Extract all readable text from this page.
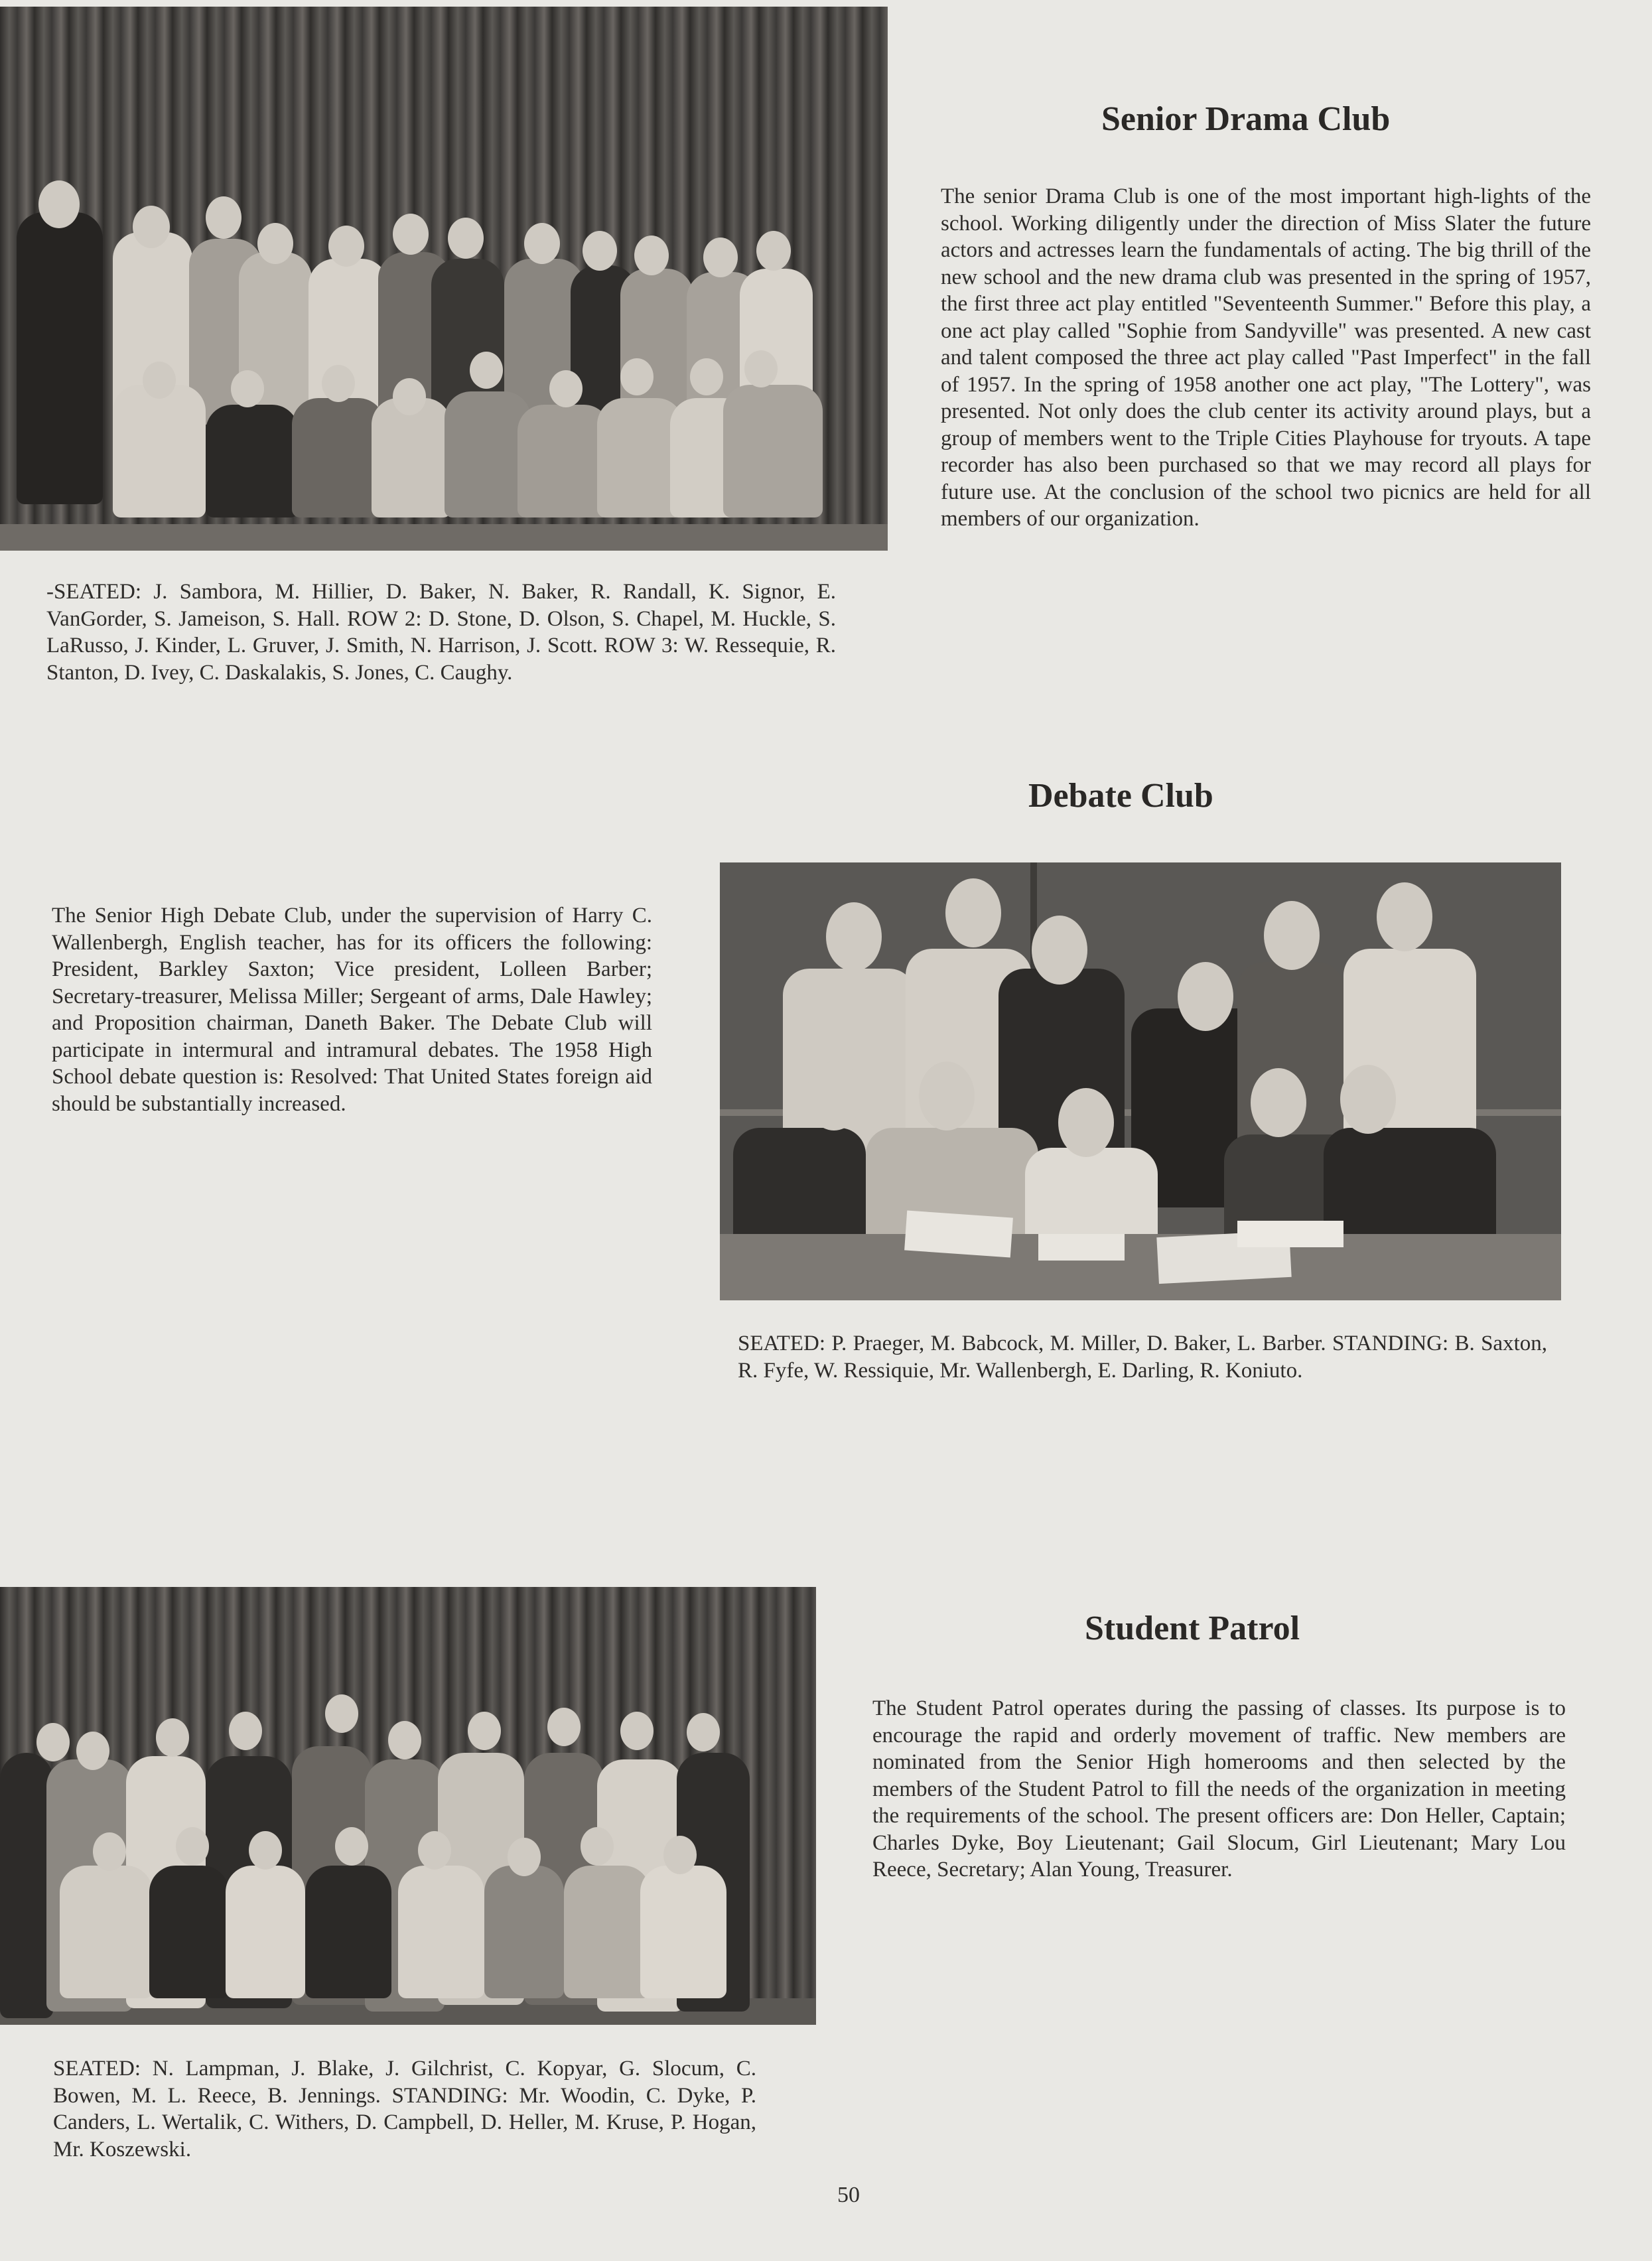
Senior Drama Club
The senior Drama Club is one of the most important high-lights of the school. Working diligently under the direction of Miss Slater the future actors and actresses learn the fundamentals of acting. The big thrill of the new school and the new drama club was presented in the spring of 1957, the first three act play entitled "Seventeenth Summer." Before this play, a one act play called "Sophie from Sandyville" was presented. A new cast and talent composed the three act play called "Past Imperfect" in the fall of 1957. In the spring of 1958 another one act play, "The Lottery", was presented. Not only does the club center its activity around plays, but a group of members went to the Triple Cities Playhouse for tryouts. A tape recorder has also been purchased so that we may record all plays for future use. At the conclusion of the school two picnics are held for all members of our organization.
-SEATED: J. Sambora, M. Hillier, D. Baker, N. Baker, R. Randall, K. Signor, E. VanGorder, S. Jameison, S. Hall. ROW 2: D. Stone, D. Olson, S. Chapel, M. Huckle, S. LaRusso, J. Kinder, L. Gruver, J. Smith, N. Harrison, J. Scott. ROW 3: W. Ressequie, R. Stanton, D. Ivey, C. Daskalakis, S. Jones, C. Caughy.
Debate Club
The Senior High Debate Club, under the supervision of Harry C. Wallenbergh, English teacher, has for its officers the following: President, Barkley Saxton; Vice president, Lolleen Barber; Secretary-treasurer, Melissa Miller; Sergeant of arms, Dale Hawley; and Proposition chairman, Daneth Baker. The Debate Club will participate in intermural and intramural debates. The 1958 High School debate question is: Resolved: That United States foreign aid should be substantially increased.
SEATED: P. Praeger, M. Babcock, M. Miller, D. Baker, L. Barber. STANDING: B. Saxton, R. Fyfe, W. Ressiquie, Mr. Wallenbergh, E. Darling, R. Koniuto.
Student Patrol
The Student Patrol operates during the passing of classes. Its purpose is to encourage the rapid and orderly movement of traffic. New members are nominated from the Senior High homerooms and then selected by the members of the Student Patrol to fill the needs of the organization in meeting the requirements of the school. The present officers are: Don Heller, Captain; Charles Dyke, Boy Lieutenant; Gail Slocum, Girl Lieutenant; Mary Lou Reece, Secretary; Alan Young, Treasurer.
SEATED: N. Lampman, J. Blake, J. Gilchrist, C. Kopyar, G. Slocum, C. Bowen, M. L. Reece, B. Jennings. STANDING: Mr. Woodin, C. Dyke, P. Canders, L. Wertalik, C. Withers, D. Campbell, D. Heller, M. Kruse, P. Hogan, Mr. Koszewski.
50
